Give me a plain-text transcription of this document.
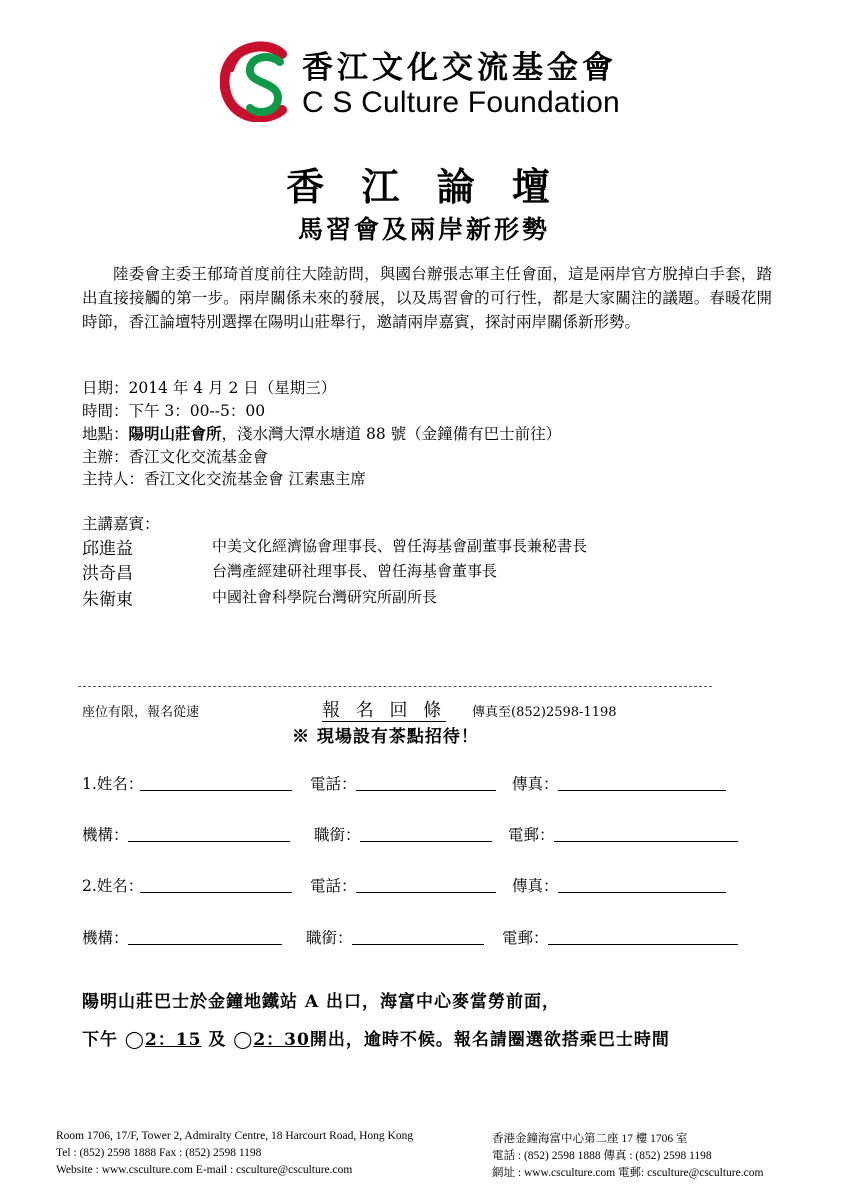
香江文化交流基金會
C S Culture Foundation
香 江 論 壇
馬習會及兩岸新形勢
陸委會主委王郁琦首度前往大陸訪問，與國台辦張志軍主任會面，這是兩岸官方脫掉白手套，踏出直接接觸的第一步。兩岸關係未來的發展，以及馬習會的可行性，都是大家關注的議題。春暖花開時節，香江論壇特別選擇在陽明山莊舉行，邀請兩岸嘉賓，探討兩岸關係新形勢。
日期：2014 年 4 月 2 日（星期三）
時間：下午 3：00--5：00
地點：陽明山莊會所，淺水灣大潭水塘道 88 號（金鐘備有巴士前往）
主辦：香江文化交流基金會
主持人：香江文化交流基金會 江素惠主席
主講嘉賓：
邱進益	中美文化經濟協會理事長、曾任海基會副董事長兼秘書長
洪奇昌	台灣產經建研社理事長、曾任海基會董事長
朱衛東	中國社會科學院台灣研究所副所長
座位有限，報名從速	報 名 回 條 傳真至(852)2598-1198
※ 現場設有茶點招待！
1.姓名：	電話：	傳真：
機構：	職銜：	電郵：
2.姓名：	電話：	傳真：
機構：	職銜：	電郵：
陽明山莊巴士於金鐘地鐵站 A 出口，海富中心麥當勞前面，
下午 ◯2：15 及 ◯2：30開出，逾時不候。報名請圈選欲搭乘巴士時間
Room 1706, 17/F, Tower 2, Admiralty Centre, 18 Harcourt Road, Hong Kong
Tel : (852) 2598 1888 Fax : (852) 2598 1198
Website : www.csculture.com E-mail : csculture@csculture.com
香港金鐘海富中心第二座 17 樓 1706 室
電話 : (852) 2598 1888 傳真 : (852) 2598 1198
網址 : www.csculture.com 電郵: csculture@csculture.com
